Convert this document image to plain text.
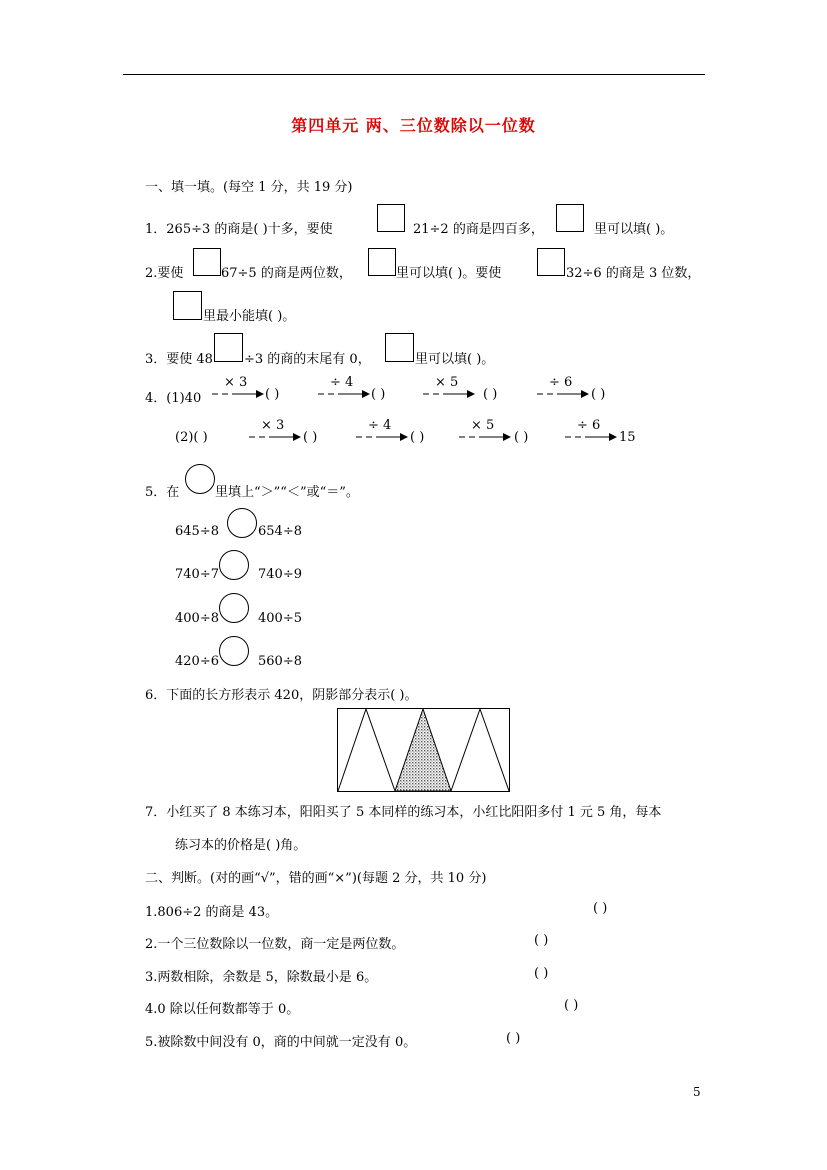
第四单元 两、三位数除以一位数
一、填一填。(每空 1 分，共 19 分)
1．265÷3 的商是( )十多，要使	21÷2 的商是四百多，	里可以填( )。
2.要使	67÷5 的商是两位数，	里可以填( )。要使	32÷6 的商是 3 位数，
里最小能填( )。
3．要使 48 ÷3 的商的末尾有 0，	里可以填( )。
4．(1)40
× 3
( )
÷ 4
( )
× 5
( )
÷ 6
( )
(2)( )
× 3
( )
÷ 4
( )
× 5
( )
÷ 6
15
5．在	里填上“＞”“＜”或“＝”。
645÷8	654÷8
740÷7	740÷9
400÷8	400÷5
420÷6	560÷8
6．下面的长方形表示 420，阴影部分表示( )。
7．小红买了 8 本练习本，阳阳买了 5 本同样的练习本，小红比阳阳多付 1 元 5 角，每本
练习本的价格是( )角。
二、判断。(对的画“√”，错的画“×”)(每题 2 分，共 10 分)
1.806÷2 的商是 43。	( )
2.一个三位数除以一位数，商一定是两位数。	( )
3.两数相除，余数是 5，除数最小是 6。	( )
4.0 除以任何数都等于 0。	( )
5.被除数中间没有 0，商的中间就一定没有 0。	( )
5
